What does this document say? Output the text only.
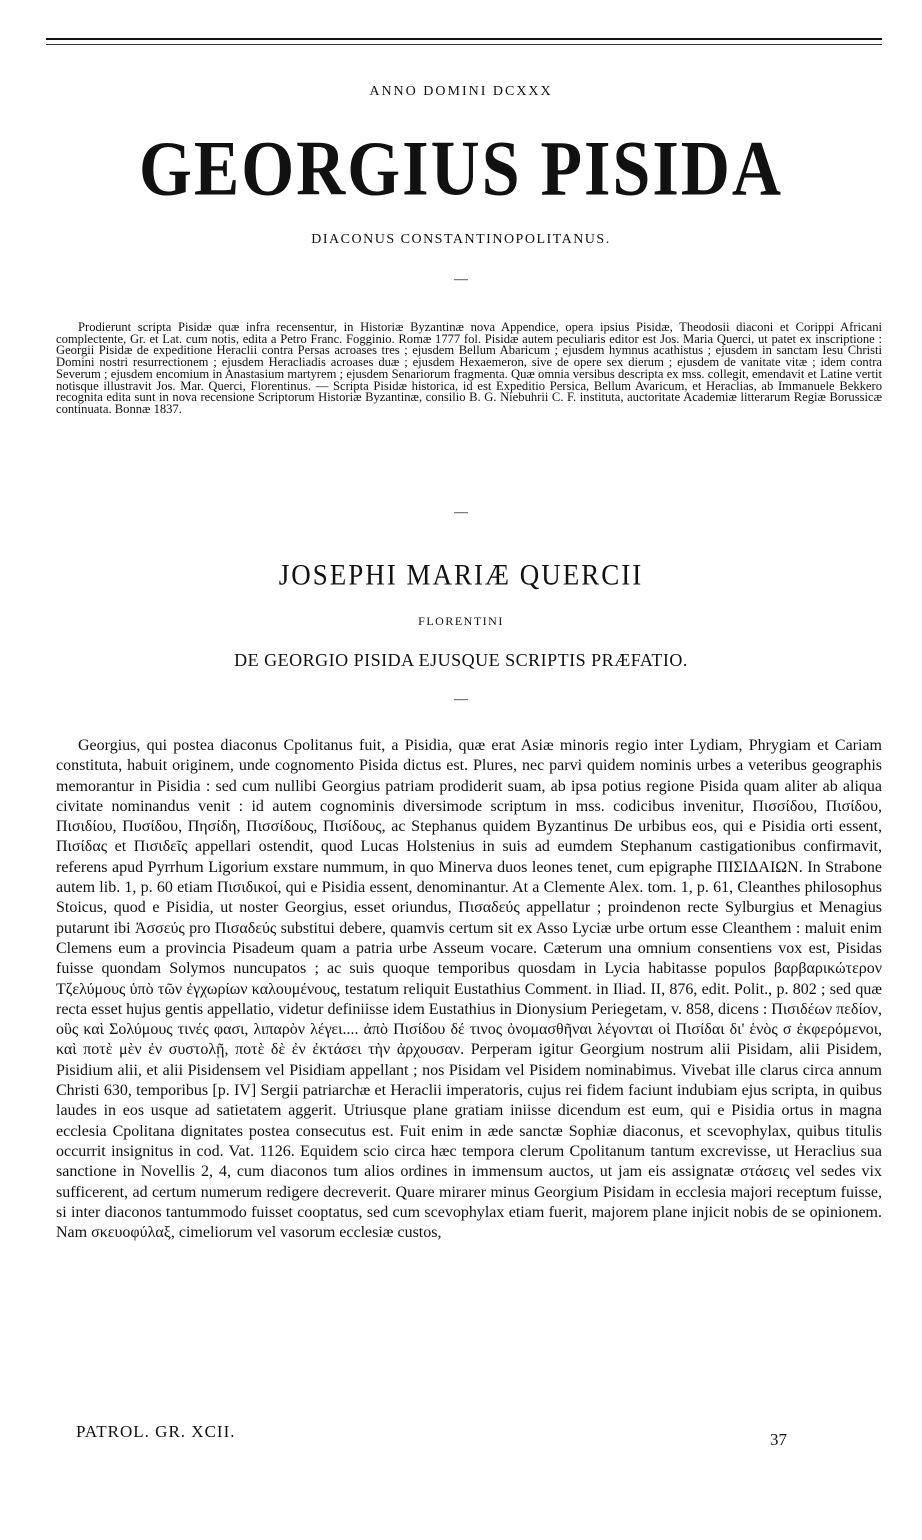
ANNO DOMINI DCXXX
GEORGIUS PISIDA
DIACONUS CONSTANTINOPOLITANUS.
—

Prodierunt scripta Pisidæ quæ infra recensentur, in Historiæ Byzantinæ nova Appendice, opera ipsius Pisidæ, Theodosii diaconi et Corippi Africani complectente, Gr. et Lat. cum notis, edita a Petro Franc. Fogginio. Romæ 1777 fol. Pisidæ autem peculiaris editor est Jos. Maria Querci, ut patet ex inscriptione : Georgii Pisidæ de expeditione Heraclii contra Persas acroases tres ; ejusdem Bellum Abaricum ; ejusdem hymnus acathistus ; ejusdem in sanctam Iesu Christi Domini nostri resurrectionem ; ejusdem Heracliadis acroases duæ ; ejusdem Hexaemeron, sive de opere sex dierum ; ejusdem de vanitate vitæ ; idem contra Severum ; ejusdem encomium in Anastasium martyrem ; ejusdem Senariorum fragmenta. Quæ omnia versibus descripta ex mss. collegit, emendavit et Latine vertit notisque illustravit Jos. Mar. Querci, Florentinus. — Scripta Pisidæ historica, id est Expeditio Persica, Bellum Avaricum, et Heraclias, ab Immanuele Bekkero recognita edita sunt in nova recensione Scriptorum Historiæ Byzantinæ, consilio B. G. Niebuhrii C. F. instituta, auctoritate Academiæ litterarum Regiæ Borussicæ continuata. Bonnæ 1837.

—
JOSEPHI MARIÆ QUERCII
FLORENTINI
DE GEORGIO PISIDA EJUSQUE SCRIPTIS PRÆFATIO.
—

Georgius, qui postea diaconus Cpolitanus fuit, a Pisidia, quæ erat Asiæ minoris regio inter Lydiam, Phrygiam et Cariam constituta, habuit originem, unde cognomento Pisida dictus est. Plures, nec parvi quidem nominis urbes a veteribus geographis memorantur in Pisidia : sed cum nullibi Georgius patriam prodiderit suam, ab ipsa potius regione Pisida quam aliter ab aliqua civitate nominandus venit : id autem cognominis diversimode scriptum in mss. codicibus invenitur, Πισσίδου, Πισίδου, Πισιδίου, Πυσίδου, Πησίδη, Πισσίδους, Πισίδους, ac Stephanus quidem Byzantinus De urbibus eos, qui e Pisidia orti essent, Πισίδας et Πισιδεῖς appellari ostendit, quod Lucas Holstenius in suis ad eumdem Stephanum castigationibus confirmavit, referens apud Pyrrhum Ligorium exstare nummum, in quo Minerva duos leones tenet, cum epigraphe ΠΙΣΙΔΑΙΩΝ. In Strabone autem lib. 1, p. 60 etiam Πισιδικοί, qui e Pisidia essent, denominantur. At a Clemente Alex. tom. 1, p. 61, Cleanthes philosophus Stoicus, quod e Pisidia, ut noster Georgius, esset oriundus, Πισαδεύς appellatur ; proindenon recte Sylburgius et Menagius putarunt ibi Ἀσσεύς pro Πισαδεύς substitui debere, quamvis certum sit ex Asso Lyciæ urbe ortum esse Cleanthem : maluit enim Clemens eum a provincia Pisadeum quam a patria urbe Asseum vocare. Cæterum una omnium consentiens vox est, Pisidas fuisse quondam Solymos nuncupatos ; ac suis quoque temporibus quosdam in Lycia habitasse populos βαρβαρικώτερον Τζελύμους ὑπὸ τῶν ἐγχωρίων καλουμένους, testatum reliquit Eustathius Comment. in Iliad. II, 876, edit. Polit., p. 802 ; sed quæ recta esset hujus gentis appellatio, videtur definiisse idem Eustathius in Dionysium Periegetam, v. 858, dicens : Πισιδέων πεδίον, οὓς καὶ Σολύμους τινές φασι, λιπαρὸν λέγει.... ἀπὸ Πισίδου δέ τινος ὀνομασθῆναι λέγονται οἱ Πισίδαι δι' ἑνὸς σ ἐκφερόμενοι, καὶ ποτὲ μὲν ἐν συστολῇ, ποτὲ δὲ ἐν ἐκτάσει τὴν ἀρχουσαν. Perperam igitur Georgium nostrum alii Pisidam, alii Pisidem, Pisidium alii, et alii Pisidensem vel Pisidiam appellant ; nos Pisidam vel Pisidem nominabimus. Vivebat ille clarus circa annum Christi 630, temporibus [p. IV] Sergii patriarchæ et Heraclii imperatoris, cujus rei fidem faciunt indubiam ejus scripta, in quibus laudes in eos usque ad satietatem aggerit. Utriusque plane gratiam iniisse dicendum est eum, qui e Pisidia ortus in magna ecclesia Cpolitana dignitates postea consecutus est. Fuit enim in æde sanctæ Sophiæ diaconus, et scevophylax, quibus titulis occurrit insignitus in cod. Vat. 1126. Equidem scio circa hæc tempora clerum Cpolitanum tantum excrevisse, ut Heraclius sua sanctione in Novellis 2, 4, cum diaconos tum alios ordines in immensum auctos, ut jam eis assignatæ στάσεις vel sedes vix sufficerent, ad certum numerum redigere decreverit. Quare mirarer minus Georgium Pisidam in ecclesia majori receptum fuisse, si inter diaconos tantummodo fuisset cooptatus, sed cum scevophylax etiam fuerit, majorem plane injicit nobis de se opinionem. Nam σκευοφύλαξ, cimeliorum vel vasorum ecclesiæ custos,

PATROL. GR. XCII.	37
